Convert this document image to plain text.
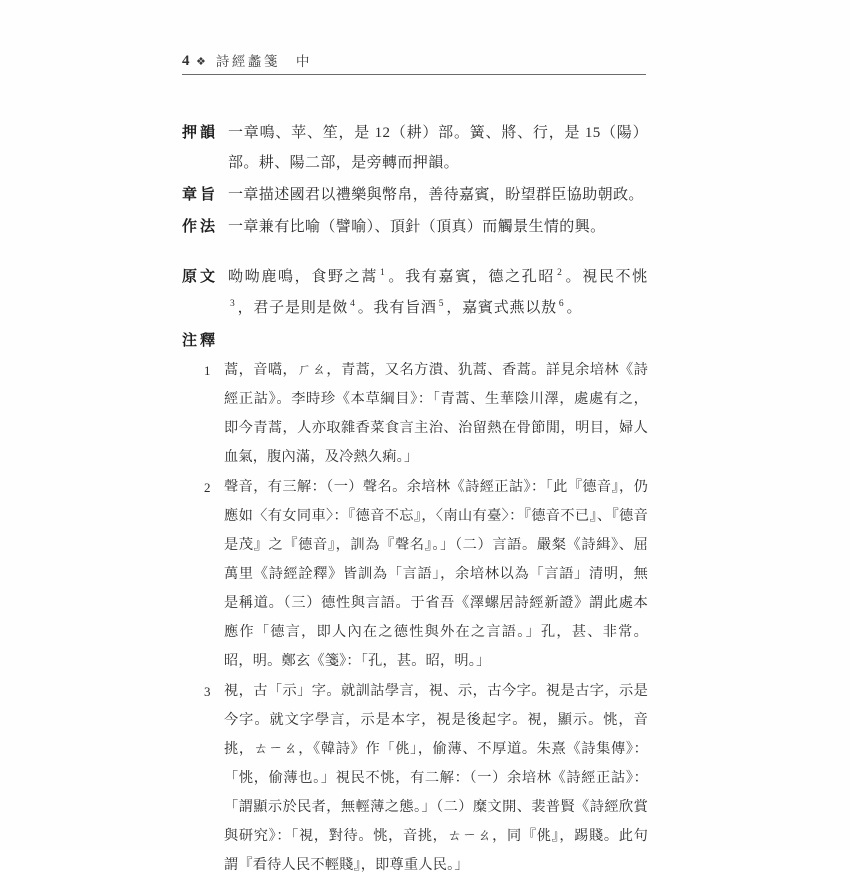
4 ❖ 詩經蠡箋　中
押韻 一章鳴、苹、笙，是 12（耕）部。簧、將、行，是 15（陽）部。耕、陽二部，是旁轉而押韻。
章旨 一章描述國君以禮樂與幣帛，善待嘉賓，盼望群臣協助朝政。
作法 一章兼有比喻（譬喻）、頂針（頂真）而觸景生情的興。
原文 呦呦鹿鳴，食野之蒿 $^1$ 。我有嘉賓，德之孔昭 $^2$ 。視民不恌$^3$ ，君子是則是傚 $^4$ 。我有旨酒 $^5$ ，嘉賓式燕以敖 $^6$ 。
注釋
1 蒿，音嚆，ㄏㄠ，青蒿，又名方潰、犰蒿、香蒿。詳見余培林《詩經正詁》。李時珍《本草綱目》：「青蒿、生華陰川澤，處處有之，即今青蒿，人亦取雜香菜食言主治、治留熱在骨節閒，明目，婦人血氣，腹內滿，及冷熱久痢。」
2 聲音，有三解：（一）聲名。余培林《詩經正詁》：「此『德音』，仍應如〈有女同車〉：『德音不忘』，〈南山有臺〉：『德音不已』、『德音是茂』之『德音』，訓為『聲名』。」（二）言語。嚴粲《詩緝》、屈萬里《詩經詮釋》皆訓為「言語」，余培林以為「言語」清明，無是稱道。（三）德性與言語。于省吾《澤螺居詩經新證》謂此處本應作「德言，即人內在之德性與外在之言語。」孔，甚、非常。昭，明。鄭玄《箋》：「孔，甚。昭，明。」
3 視，古「示」字。就訓詁學言，視、示，古今字。視是古字，示是今字。就文字學言，示是本字，視是後起字。視，顯示。恌，音挑，ㄊㄧㄠ，《韓詩》作「佻」，偷薄、不厚道。朱熹《詩集傳》：「恌，偷薄也。」視民不恌，有二解：（一）余培林《詩經正詁》：「謂顯示於民者，無輕薄之態。」（二）糜文開、裴普賢《詩經欣賞與研究》：「視，對待。恌，音挑，ㄊㄧㄠ，同『佻』，踢賤。此句謂『看待人民不輕賤』，即尊重人民。」
